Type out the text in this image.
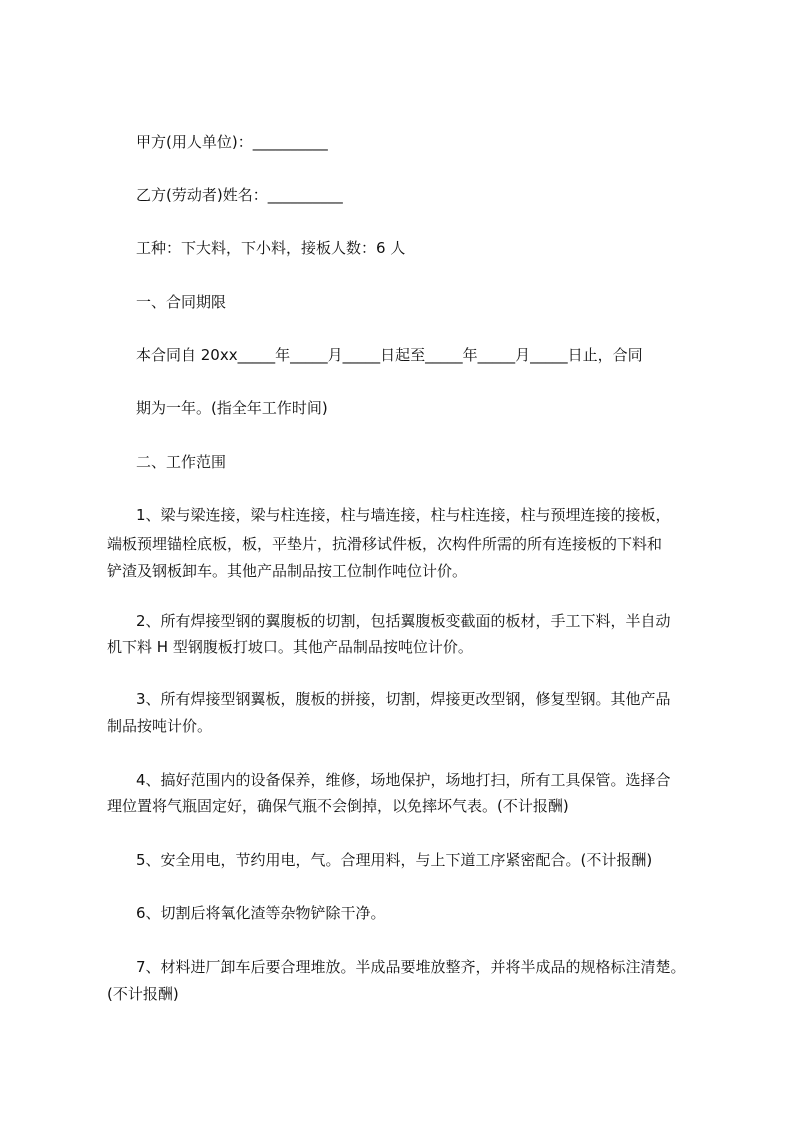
甲方(用人单位)：__________
乙方(劳动者)姓名：__________
工种：下大料，下小料，接板人数：6 人
一、合同期限
本合同自 20xx_____年_____月_____日起至_____年_____月_____日止，合同
期为一年。(指全年工作时间)
二、工作范围
1、梁与梁连接，梁与柱连接，柱与墙连接，柱与柱连接，柱与预埋连接的接板，
端板预埋锚栓底板，板，平垫片，抗滑移试件板，次构件所需的所有连接板的下料和
铲渣及钢板卸车。其他产品制品按工位制作吨位计价。
2、所有焊接型钢的翼腹板的切割，包括翼腹板变截面的板材，手工下料，半自动
机下料 H 型钢腹板打坡口。其他产品制品按吨位计价。
3、所有焊接型钢翼板，腹板的拼接，切割，焊接更改型钢，修复型钢。其他产品
制品按吨计价。
4、搞好范围内的设备保养，维修，场地保护，场地打扫，所有工具保管。选择合
理位置将气瓶固定好，确保气瓶不会倒掉，以免摔坏气表。(不计报酬)
5、安全用电，节约用电，气。合理用料，与上下道工序紧密配合。(不计报酬)
6、切割后将氧化渣等杂物铲除干净。
7、材料进厂卸车后要合理堆放。半成品要堆放整齐，并将半成品的规格标注清楚。
(不计报酬)
